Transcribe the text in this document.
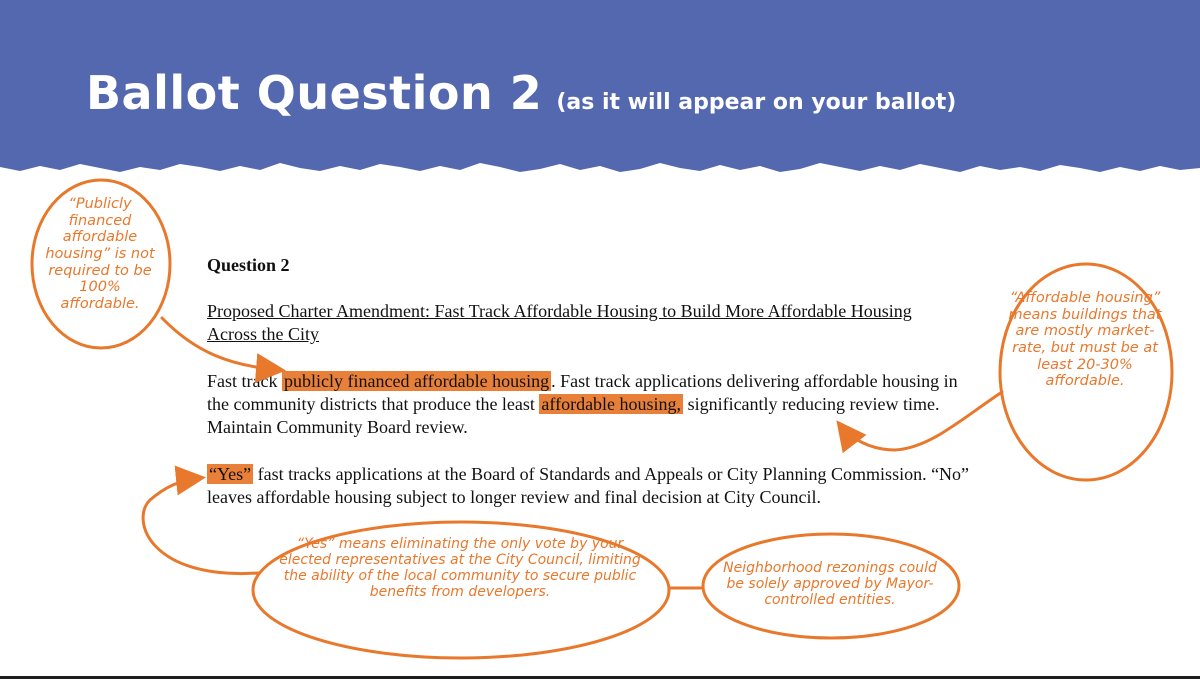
Ballot Question 2 (as it will appear on your ballot)
Question 2
Proposed Charter Amendment: Fast Track Affordable Housing to Build More Affordable Housing Across the City
Fast track publicly financed affordable housing . Fast track applications delivering affordable housing in the community districts that produce the least affordable housing, significantly reducing review time. Maintain Community Board review.
“Yes” fast tracks applications at the Board of Standards and Appeals or City Planning Commission. “No” leaves affordable housing subject to longer review and final decision at City Council.
“Publicly financed affordable housing” is not required to be 100% affordable.	“Affordable housing” means buildings that are mostly market-rate, but must be at least 20-30% affordable.
“Yes” means eliminating the only vote by your elected representatives at the City Council, limiting the ability of the local community to secure public benefits from developers.
Neighborhood rezonings could be solely approved by Mayor-controlled entities.
